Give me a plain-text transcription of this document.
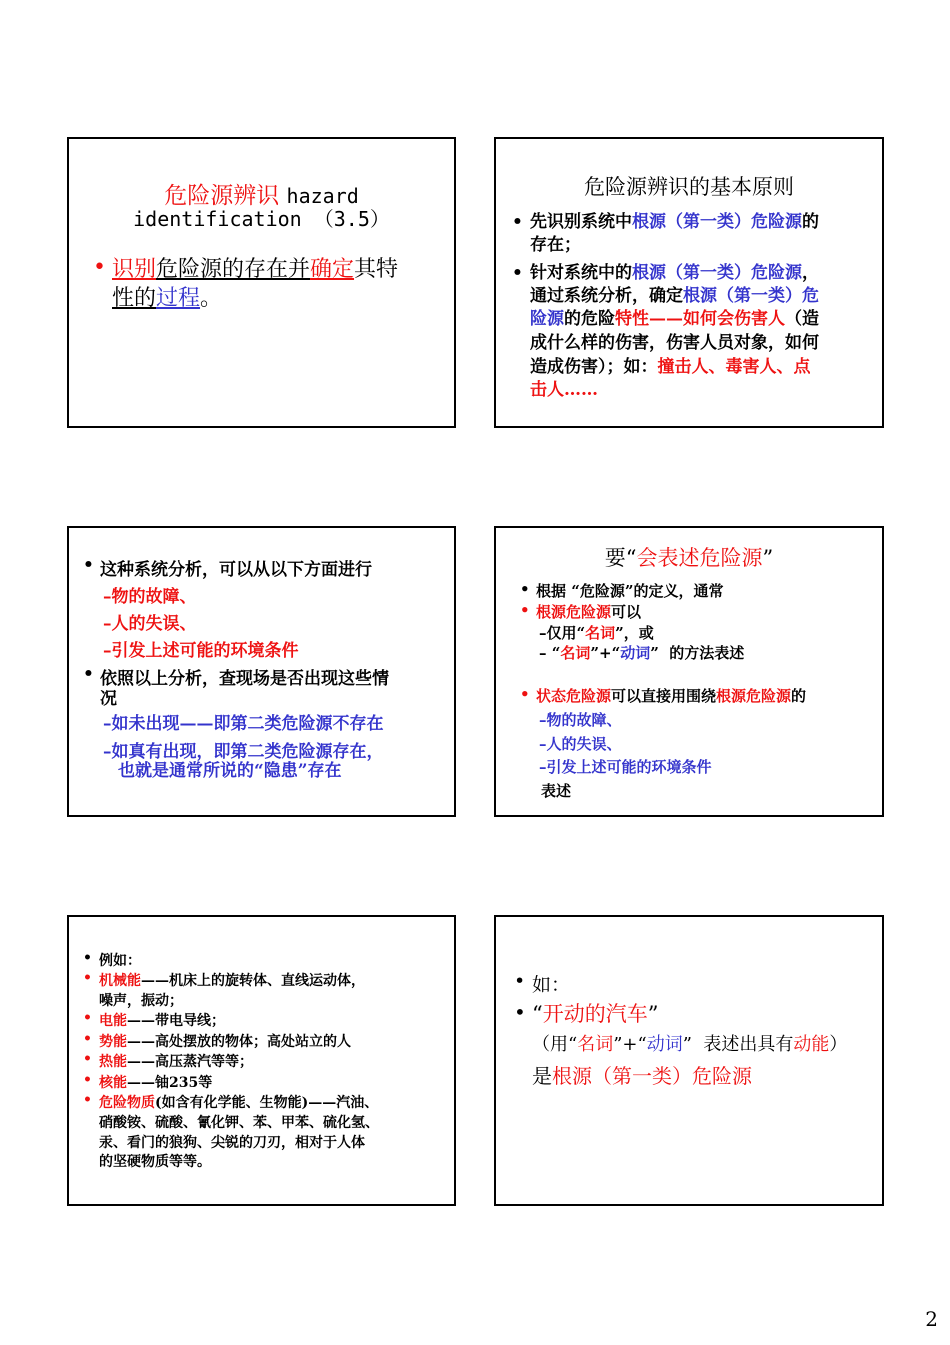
危险源辨识 hazard
identification （3.5）
• 识别危险源的存在并确定其特
性的过程。
危险源辨识的基本原则
• 先识别系统中根源（第一类）危险源的
存在；
• 针对系统中的根源（第一类）危险源，
通过系统分析，确定根源（第一类）危
险源的危险特性——如何会伤害人（造
成什么样的伤害，伤害人员对象，如何
造成伤害）；如：撞击人、毒害人、点
击人……
• 这种系统分析，可以从以下方面进行
–物的故障、
–人的失误、
–引发上述可能的环境条件
• 依照以上分析，查现场是否出现这些情
况
–如未出现——即第二类危险源不存在
–如真有出现，即第二类危险源存在，
也就是通常所说的“隐患”存在
要“会表述危险源”
• 根据 “危险源”的定义，通常
• 根源危险源可以
–仅用“名词”，或
– “名词”+“动词”  的方法表述
• 状态危险源可以直接用围绕根源危险源的
–物的故障、
–人的失误、
–引发上述可能的环境条件
表述
• 例如：
• 机械能——机床上的旋转体、直线运动体，
噪声，振动；
• 电能——带电导线；
• 势能——高处摆放的物体；高处站立的人
• 热能——高压蒸汽等等；
• 核能——铀235等
• 危险物质(如含有化学能、生物能)——汽油、
硝酸铵、硫酸、氰化钾、苯、甲苯、硫化氢、
汞、看门的狼狗、尖锐的刀刃，相对于人体
的坚硬物质等等。
• 如：
• “开动的汽车”
（用“名词”+“动词”  表述出具有动能）
是根源（第一类）危险源
2
